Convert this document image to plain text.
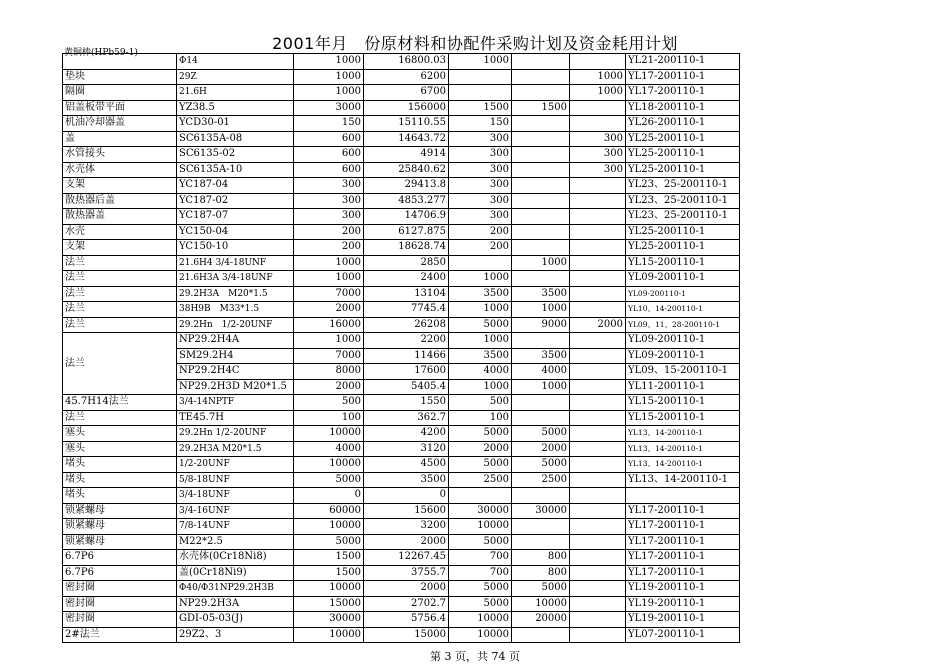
2001年月　份原材料和协配件采购计划及资金耗用计划
黄铜棒(HPb59-1)
	Φ14	1000	16800.03	1000			YL21-200110-1
垫块	29Z	1000	6200			1000	YL17-200110-1
隔圈	21.6H	1000	6700			1000	YL17-200110-1
铝盖板带平面	YZ38.5	3000	156000	1500	1500		YL18-200110-1
机油冷却器盖	YCD30-01	150	15110.55	150			YL26-200110-1
盖	SC6135A-08	600	14643.72	300		300	YL25-200110-1
水管接头	SC6135-02	600	4914	300		300	YL25-200110-1
水壳体	SC6135A-10	600	25840.62	300		300	YL25-200110-1
支架	YC187-04	300	29413.8	300			YL23、25-200110-1
散热器后盖	YC187-02	300	4853.277	300			YL23、25-200110-1
散热器盖	YC187-07	300	14706.9	300			YL23、25-200110-1
水壳	YC150-04	200	6127.875	200			YL25-200110-1
支架	YC150-10	200	18628.74	200			YL25-200110-1
法兰	21.6H4 3/4-18UNF	1000	2850		1000		YL15-200110-1
法兰	21.6H3A 3/4-18UNF	1000	2400	1000			YL09-200110-1
法兰	29.2H3A　M20*1.5	7000	13104	3500	3500		YL09-200110-1
法兰	38H9B　M33*1.5	2000	7745.4	1000	1000		YL10、14-200110-1
法兰	29.2Hn　1/2-20UNF	16000	26208	5000	9000	2000	YL09、11、28-200110-1
法兰	NP29.2H4A	1000	2200	1000			YL09-200110-1
	SM29.2H4	7000	11466	3500	3500		YL09-200110-1
	NP29.2H4C	8000	17600	4000	4000		YL09、15-200110-1
	NP29.2H3D M20*1.5	2000	5405.4	1000	1000		YL11-200110-1
45.7H14法兰	3/4-14NPTF	500	1550	500			YL15-200110-1
法兰	TE45.7H	100	362.7	100			YL15-200110-1
塞头	29.2Hn 1/2-20UNF	10000	4200	5000	5000		YL13、14-200110-1
塞头	29.2H3A M20*1.5	4000	3120	2000	2000		YL13、14-200110-1
堵头	1/2-20UNF	10000	4500	5000	5000		YL13、14-200110-1
堵头	5/8-18UNF	5000	3500	2500	2500		YL13、14-200110-1
堵头	3/4-18UNF	0	0				
锁紧螺母	3/4-16UNF	60000	15600	30000	30000		YL17-200110-1
锁紧螺母	7/8-14UNF	10000	3200	10000			YL17-200110-1
锁紧螺母	M22*2.5	5000	2000	5000			YL17-200110-1
6.7P6	水壳体(0Cr18Ni8)	1500	12267.45	700	800		YL17-200110-1
6.7P6	盖(0Cr18Ni9)	1500	3755.7	700	800		YL17-200110-1
密封圈	Φ40/Φ31NP29.2H3B	10000	2000	5000	5000		YL19-200110-1
密封圈	NP29.2H3A	15000	2702.7	5000	10000		YL19-200110-1
密封圈	GDI-05-03(J)	30000	5756.4	10000	20000		YL19-200110-1
2#法兰	29Z2、3	10000	15000	10000			YL07-200110-1
第 3 页，共 74 页
